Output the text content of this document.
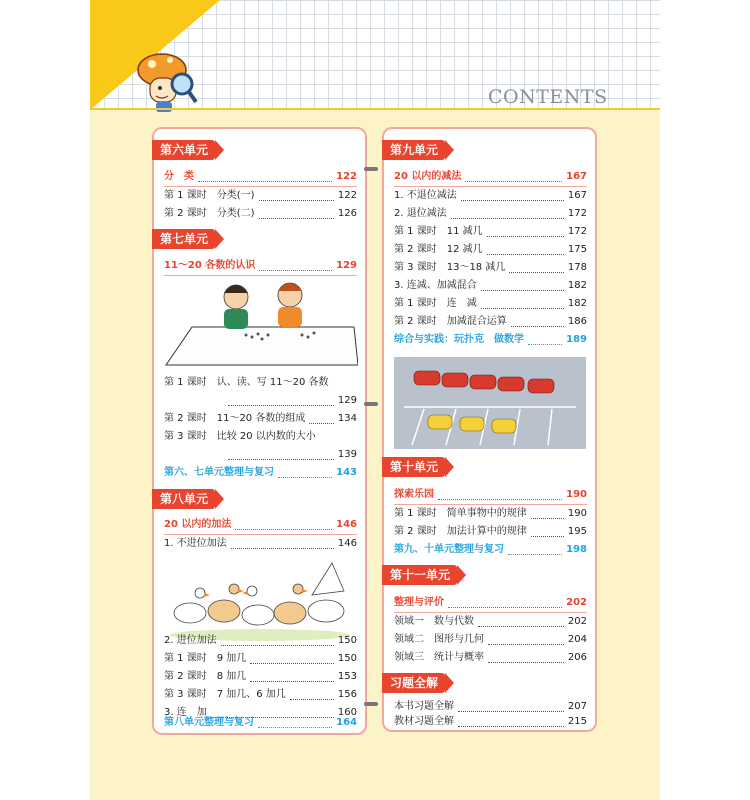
CONTENTS
第六单元
分　类	122
第 1 课时　分类(一)	122
第 2 课时　分类(二)	126
第七单元
11～20 各数的认识	129
第 1 课时　认、读、写 11～20 各数
129
第 2 课时　11～20 各数的组成	134
第 3 课时　比较 20 以内数的大小
139
第六、七单元整理与复习	143
第八单元
20 以内的加法	146
1. 不进位加法	146
2. 进位加法	150
第 1 课时　9 加几	150
第 2 课时　8 加几	153
第 3 课时　7 加几、6 加几	156
3. 连　加	160
第八单元整理与复习	164
第九单元
20 以内的减法	167
1. 不退位减法	167
2. 退位减法	172
第 1 课时　11 减几	172
第 2 课时　12 减几	175
第 3 课时　13～18 减几	178
3. 连减、加减混合	182
第 1 课时　连　减	182
第 2 课时　加减混合运算	186
综合与实践：玩扑克　做数学	189
第十单元
探索乐园	190
第 1 课时　简单事物中的规律	190
第 2 课时　加法计算中的规律	195
第九、十单元整理与复习	198
第十一单元
整理与评价	202
领域一　数与代数	202
领域二　图形与几何	204
领域三　统计与概率	206
习题全解
本书习题全解	207
教材习题全解	215
